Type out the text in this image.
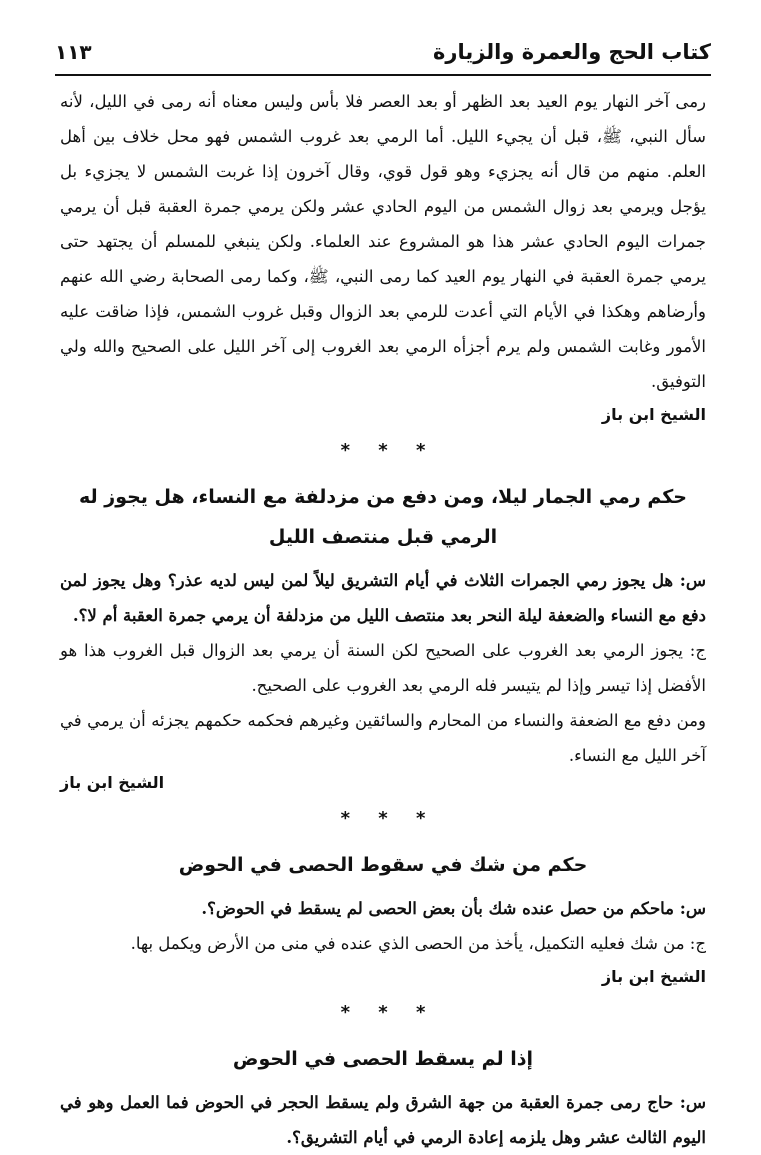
كتاب الحج والعمرة والزيارة
١١٣

رمى آخر النهار يوم العيد بعد الظهر أو بعد العصر فلا بأس وليس معناه أنه رمى في الليل، لأنه سأل النبي، ﷺ، قبل أن يجيء الليل. أما الرمي بعد غروب الشمس فهو محل خلاف بين أهل العلم. منهم من قال أنه يجزيء وهو قول قوي، وقال آخرون إذا غربت الشمس لا يجزيء بل يؤجل ويرمي بعد زوال الشمس من اليوم الحادي عشر ولكن يرمي جمرة العقبة قبل أن يرمي جمرات اليوم الحادي عشر هذا هو المشروع عند العلماء. ولكن ينبغي للمسلم أن يجتهد حتى يرمي جمرة العقبة في النهار يوم العيد كما رمى النبي، ﷺ، وكما رمى الصحابة رضي الله عنهم وأرضاهم وهكذا في الأيام التي أعدت للرمي بعد الزوال وقبل غروب الشمس، فإذا ضاقت عليه الأمور وغابت الشمس ولم يرم أجزأه الرمي بعد الغروب إلى آخر الليل على الصحيح والله ولي التوفيق.

الشيخ ابن باز
* * *
حكم رمي الجمار ليلا، ومن دفع من مزدلفة مع النساء، هل يجوز له الرمي قبل منتصف الليل

س: هل يجوز رمي الجمرات الثلاث في أيام التشريق ليلاً لمن ليس لديه عذر؟ وهل يجوز لمن دفع مع النساء والضعفة ليلة النحر بعد منتصف الليل من مزدلفة أن يرمي جمرة العقبة أم لا؟.

ج: يجوز الرمي بعد الغروب على الصحيح لكن السنة أن يرمي بعد الزوال قبل الغروب هذا هو الأفضل إذا تيسر وإذا لم يتيسر فله الرمي بعد الغروب على الصحيح.

ومن دفع مع الضعفة والنساء من المحارم والسائقين وغيرهم فحكمه حكمهم يجزئه أن يرمي في آخر الليل مع النساء.

الشيخ ابن باز
* * *
حكم من شك في سقوط الحصى في الحوض

س: ماحكم من حصل عنده شك بأن بعض الحصى لم يسقط في الحوض؟.

ج: من شك فعليه التكميل، يأخذ من الحصى الذي عنده في منى من الأرض ويكمل بها.

الشيخ ابن باز
* * *
إذا لم يسقط الحصى في الحوض

س: حاج رمى جمرة العقبة من جهة الشرق ولم يسقط الحجر في الحوض فما العمل وهو في اليوم الثالث عشر وهل يلزمه إعادة الرمي في أيام التشريق؟.
